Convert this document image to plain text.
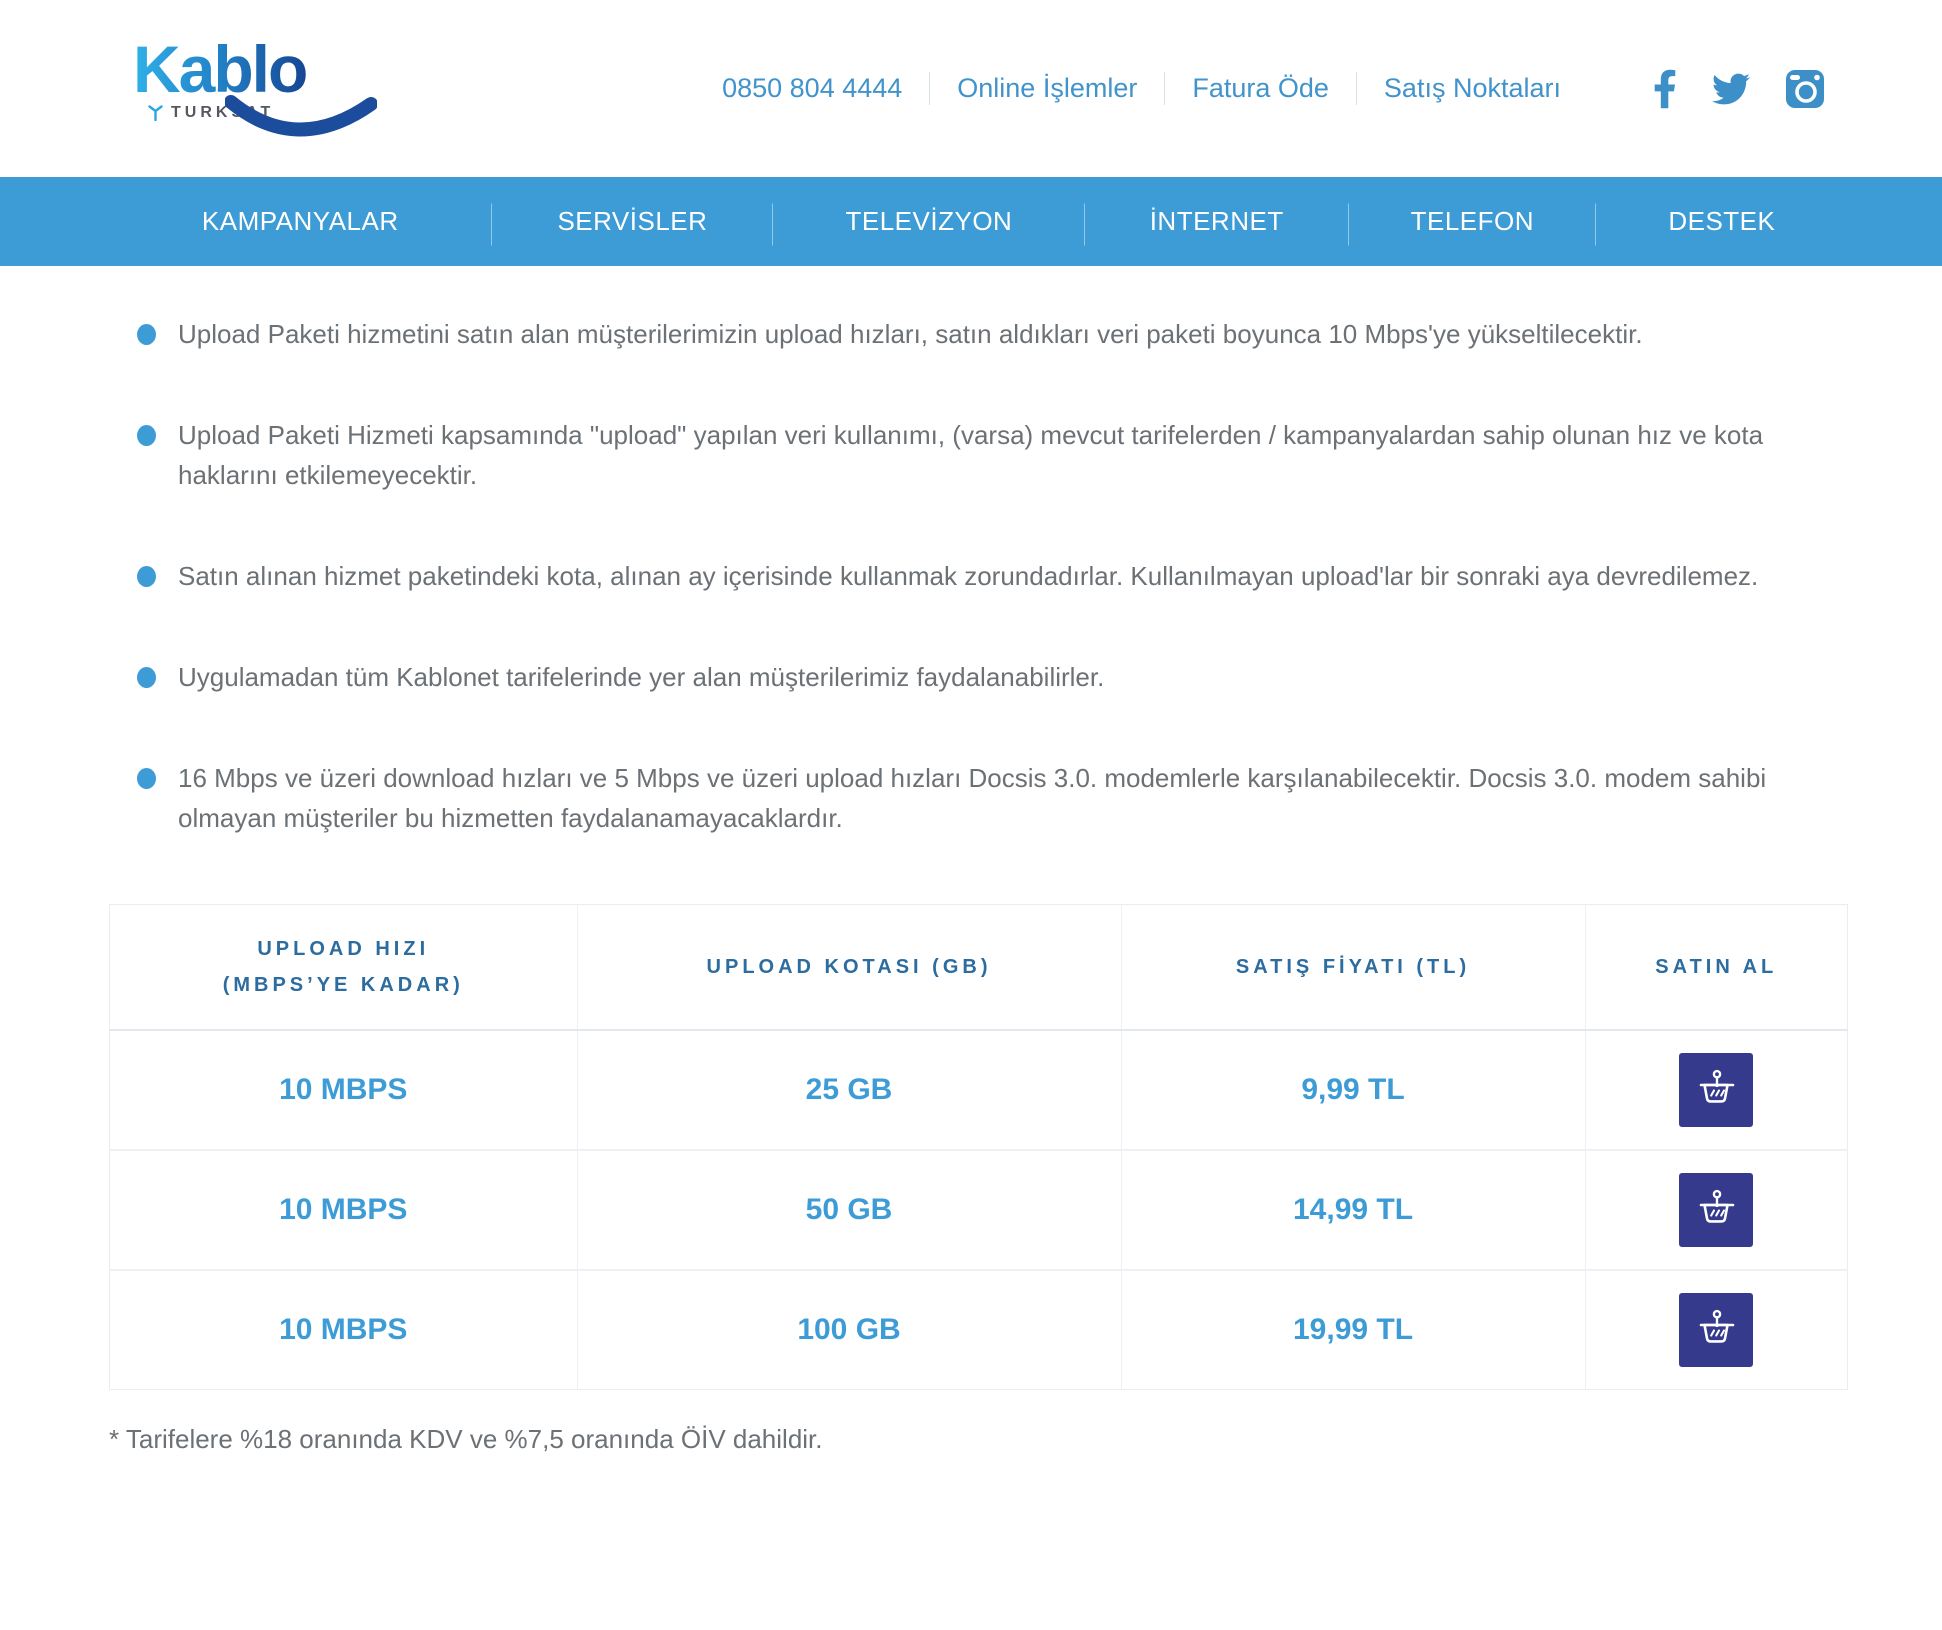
Kablo
TURKSAT
0850 804 4444 Online İşlemler Fatura Öde Satış Noktaları
KAMPANYALAR	SERVİSLER	TELEVİZYON	İNTERNET	TELEFON	DESTEK
Upload Paketi hizmetini satın alan müşterilerimizin upload hızları, satın aldıkları veri paketi boyunca 10 Mbps'ye yükseltilecektir.
Upload Paketi Hizmeti kapsamında "upload" yapılan veri kullanımı, (varsa) mevcut tarifelerden / kampanyalardan sahip olunan hız ve kota haklarını etkilemeyecektir.
Satın alınan hizmet paketindeki kota, alınan ay içerisinde kullanmak zorundadırlar. Kullanılmayan upload'lar bir sonraki aya devredilemez.
Uygulamadan tüm Kablonet tarifelerinde yer alan müşterilerimiz faydalanabilirler.
16 Mbps ve üzeri download hızları ve 5 Mbps ve üzeri upload hızları Docsis 3.0. modemlerle karşılanabilecektir. Docsis 3.0. modem sahibi olmayan müşteriler bu hizmetten faydalanamayacaklardır.
UPLOAD HIZI
(MBPS’YE KADAR)	UPLOAD KOTASI (GB)	SATIŞ FİYATI (TL)	SATIN AL
10 MBPS	25 GB	9,99 TL	

10 MBPS	50 GB	14,99 TL	

10 MBPS	100 GB	19,99 TL	

* Tarifelere %18 oranında KDV ve %7,5 oranında ÖİV dahildir.
